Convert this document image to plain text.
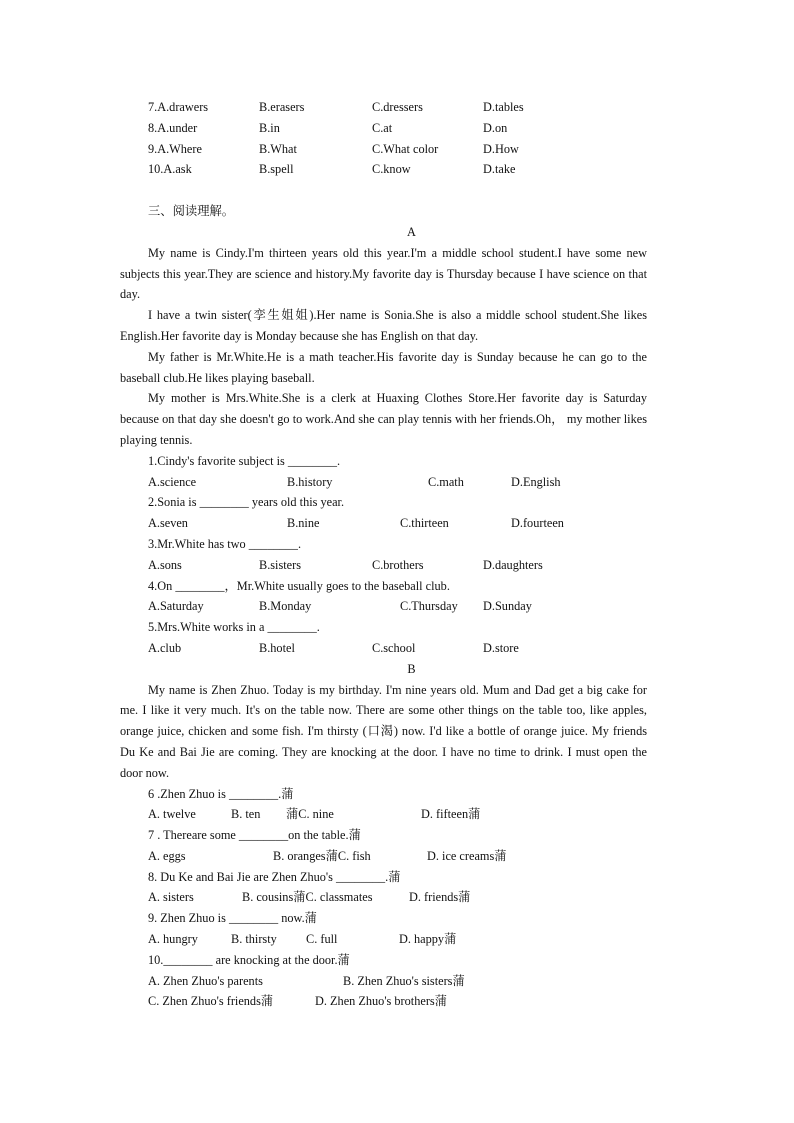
7.A.drawers	B.erasers	C.dressers	D.tables
8.A.under	B.in	C.at	D.on
9.A.Where	B.What	C.What color	D.How
10.A.ask	B.spell	C.know	D.take
三、阅读理解。
A
My name is Cindy.I'm thirteen years old this year.I'm a middle school student.I have some new subjects this year.They are science and history.My favorite day is Thursday because I have science on that day.
I have a twin sister(孪生姐姐).Her name is Sonia.She is also a middle school student.She likes English.Her favorite day is Monday because she has English on that day.
My father is Mr.White.He is a math teacher.His favorite day is Sunday because he can go to the baseball club.He likes playing baseball.
My mother is Mrs.White.She is a clerk at Huaxing Clothes Store.Her favorite day is Saturday because on that day she doesn't go to work.And she can play tennis with her friends.Oh， my mother likes playing tennis.
1.Cindy's favorite subject is ________.
A.science	B.history	C.math	D.English
2.Sonia is ________ years old this year.
A.seven	B.nine	C.thirteen	D.fourteen
3.Mr.White has two ________.
A.sons	B.sisters	C.brothers	D.daughters
4.On ________，Mr.White usually goes to the baseball club.
A.Saturday	B.Monday	C.Thursday D.Sunday
5.Mrs.White works in a ________.
A.club	B.hotel	C.school	D.store
B
My name is Zhen Zhuo. Today is my birthday. I'm nine years old. Mum and Dad get a big cake for me. I like it very much. It's on the table now. There are some other things on the table too, like apples, orange juice, chicken and some fish. I'm thirsty (口渴) now. I'd like a bottle of orange juice. My friends Du Ke and Bai Jie are coming. They are knocking at the door. I have no time to drink. I must open the door now.
6 .Zhen Zhuo is ________.蒲
A. twelve	B. ten 蒲C. nine	D. fifteen蒲
7 . Thereare some ________on the table.蒲
A. eggs	B. oranges蒲C. fish	D. ice creams蒲
8. Du Ke and Bai Jie are Zhen Zhuo's ________.蒲
A. sisters	B. cousins蒲C. classmates	D. friends蒲
9. Zhen Zhuo is ________ now.蒲
A. hungry	B. thirsty C. full	D. happy蒲
10.________ are knocking at the door.蒲
A. Zhen Zhuo's parents	B. Zhen Zhuo's sisters蒲
C. Zhen Zhuo's friends蒲	D. Zhen Zhuo's brothers蒲
